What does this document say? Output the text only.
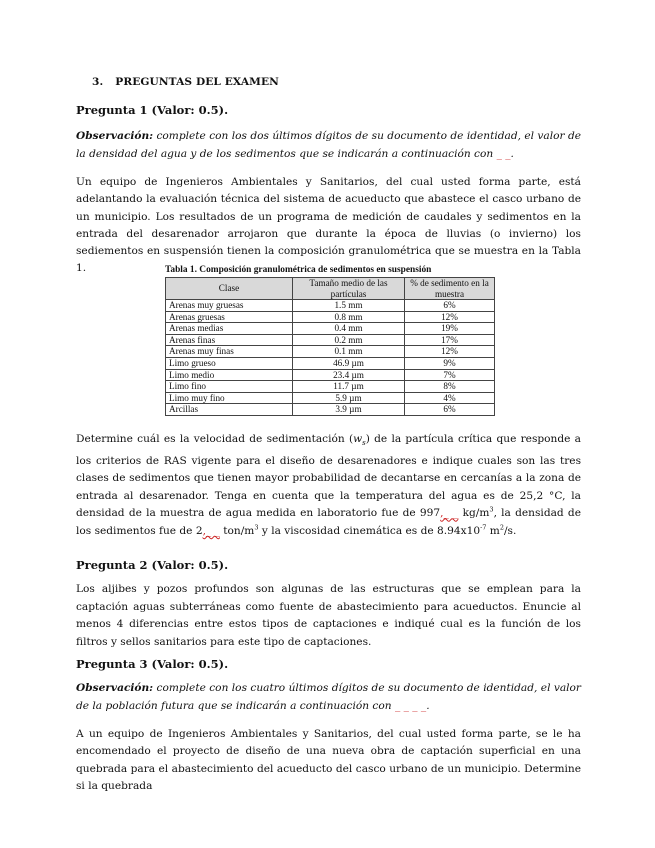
3. PREGUNTAS DEL EXAMEN

Pregunta 1 (Valor: 0.5).

Observación: complete con los dos últimos dígitos de su documento de identidad, el valor de la densidad del agua y de los sedimentos que se indicarán a continuación con _ _.

Un equipo de Ingenieros Ambientales y Sanitarios, del cual usted forma parte, está adelantando la evaluación técnica del sistema de acueducto que abastece el casco urbano de un municipio. Los resultados de un programa de medición de caudales y sedimentos en la entrada del desarenador arrojaron que durante la época de lluvias (o invierno) los sediementos en suspensión tienen la composición granulométrica que se muestra en la Tabla 1.	Tabla 1. Composición granulométrica de sedimentos en suspensión

Clase	Tamaño medio de las partículas	% de sedimento en la muestra
Arenas muy gruesas	1.5 mm	6%
Arenas gruesas	0.8 mm	12%
Arenas medias	0.4 mm	19%
Arenas finas	0.2 mm	17%
Arenas muy finas	0.1 mm	12%
Limo grueso	46.9 µm	9%
Limo medio	23.4 µm	7%
Limo fino	11.7 µm	8%
Limo muy fino	5.9 µm	4%
Arcillas	3.9 µm	6%

Determine cuál es la velocidad de sedimentación $(w_s)$ de la partícula crítica que responde a los criterios de RAS vigente para el diseño de desarenadores e indique cuales son las tres clases de sedimentos que tienen mayor probabilidad de decantarse en cercanías a la zona de entrada al desarenador. Tenga en cuenta que la temperatura del agua es de 25,2 °C, la densidad de la muestra de agua medida en laboratorio fue de 997,_ _ $kg/m^3$, la densidad de los sedimentos fue de 2,_ _ ton/$m^3$ y la viscosidad cinemática es de $8.94x10^{-7}$ $m^2/s$.

Pregunta 2 (Valor: 0.5).

Los aljibes y pozos profundos son algunas de las estructuras que se emplean para la captación aguas subterráneas como fuente de abastecimiento para acueductos. Enuncie al menos 4 diferencias entre estos tipos de captaciones e indiqué cual es la función de los filtros y sellos sanitarios para este tipo de captaciones.

Pregunta 3 (Valor: 0.5).

Observación: complete con los cuatro últimos dígitos de su documento de identidad, el valor de la población futura que se indicarán a continuación con _ _ _ _.

A un equipo de Ingenieros Ambientales y Sanitarios, del cual usted forma parte, se le ha encomendado el proyecto de diseño de una nueva obra de captación superficial en una quebrada para el abastecimiento del acueducto del casco urbano de un municipio. Determine si la quebrada
